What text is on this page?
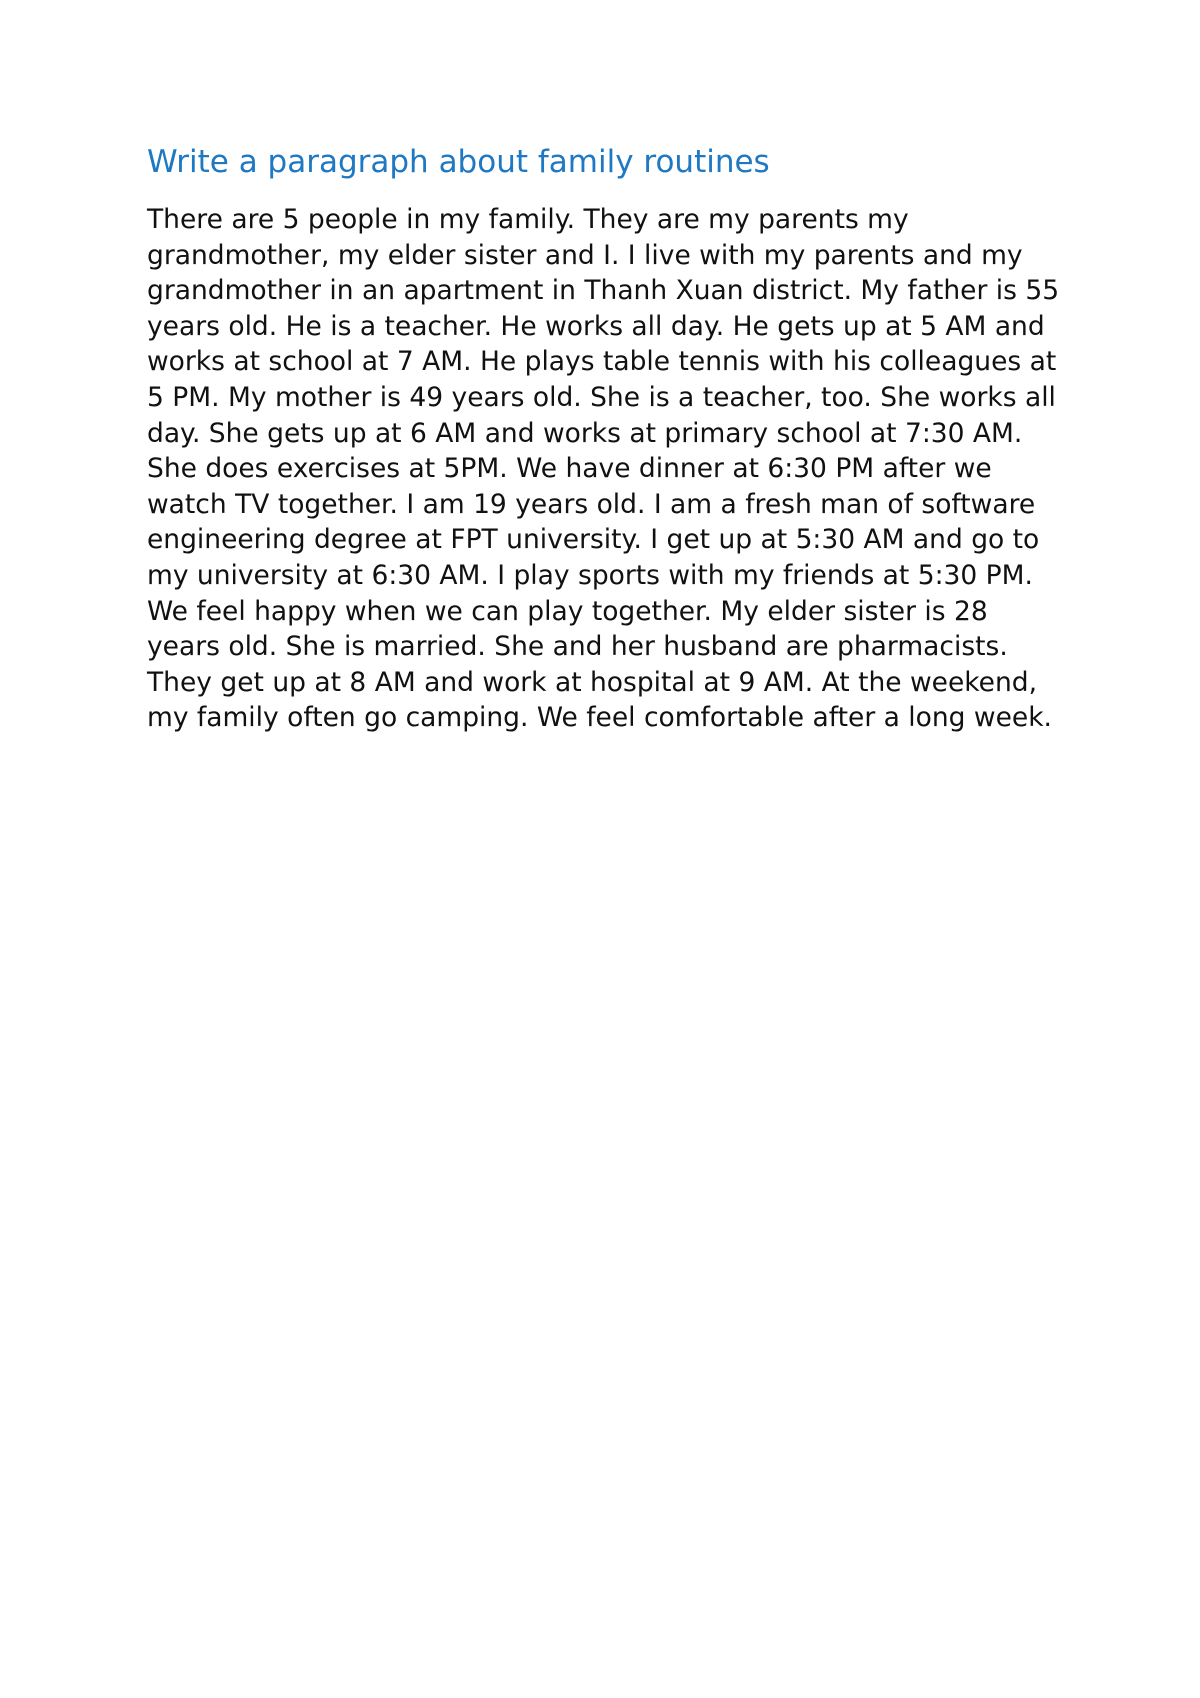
Write a paragraph about family routines

There are 5 people in my family. They are my parents my grandmother, my elder sister and I. I live with my parents and my grandmother in an apartment in Thanh Xuan district. My father is 55 years old. He is a teacher. He works all day. He gets up at 5 AM and works at school at 7 AM. He plays table tennis with his colleagues at 5 PM. My mother is 49 years old. She is a teacher, too. She works all day. She gets up at 6 AM and works at primary school at 7:30 AM. She does exercises at 5PM. We have dinner at 6:30 PM after we watch TV together. I am 19 years old. I am a fresh man of software engineering degree at FPT university. I get up at 5:30 AM and go to my university at 6:30 AM. I play sports with my friends at 5:30 PM. We feel happy when we can play together. My elder sister is 28 years old. She is married. She and her husband are pharmacists. They get up at 8 AM and work at hospital at 9 AM. At the weekend, my family often go camping. We feel comfortable after a long week.
